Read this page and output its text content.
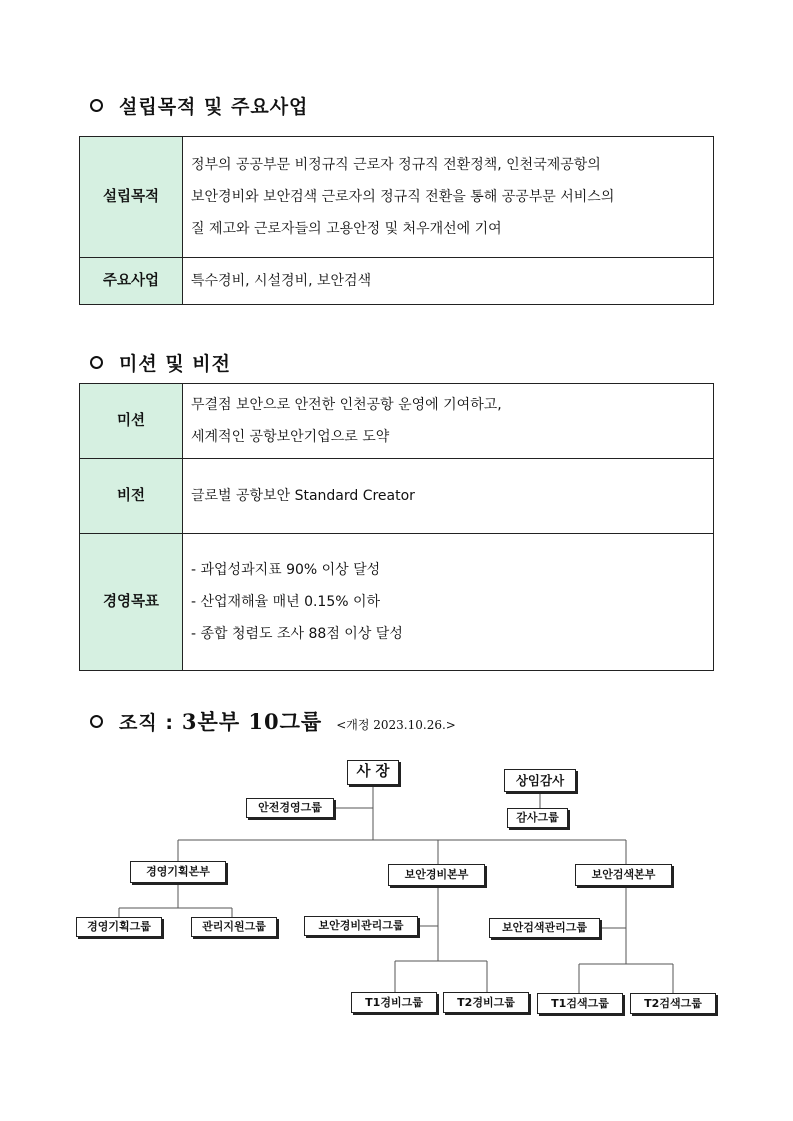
설립목적 및 주요사업
설립목적	정부의 공공부문 비정규직 근로자 정규직 전환정책, 인천국제공항의

보안경비와 보안검색 근로자의 정규직 전환을 통해 공공부문 서비스의

질 제고와 근로자들의 고용안정 및 처우개선에 기여

주요사업	특수경비, 시설경비, 보안검색
미션 및 비전
미션	무결점 보안으로 안전한 인천공항 운영에 기여하고,

세계적인 공항보안기업으로 도약

비전	글로벌 공항보안 Standard Creator
경영목표	- 과업성과지표 90% 이상 달성

- 산업재해율 매년 0.15% 이하

- 종합 청렴도 조사 88점 이상 달성

조직 : 3본부 10그룹 <개정 2023.10.26.>
사 장
상임감사
감사그룹
안전경영그룹
경영기획본부	보안경비본부	보안검색본부
경영기획그룹	관리지원그룹	보안경비관리그룹	보안검색관리그룹
T1경비그룹	T2경비그룹	T1검색그룹	T2검색그룹
